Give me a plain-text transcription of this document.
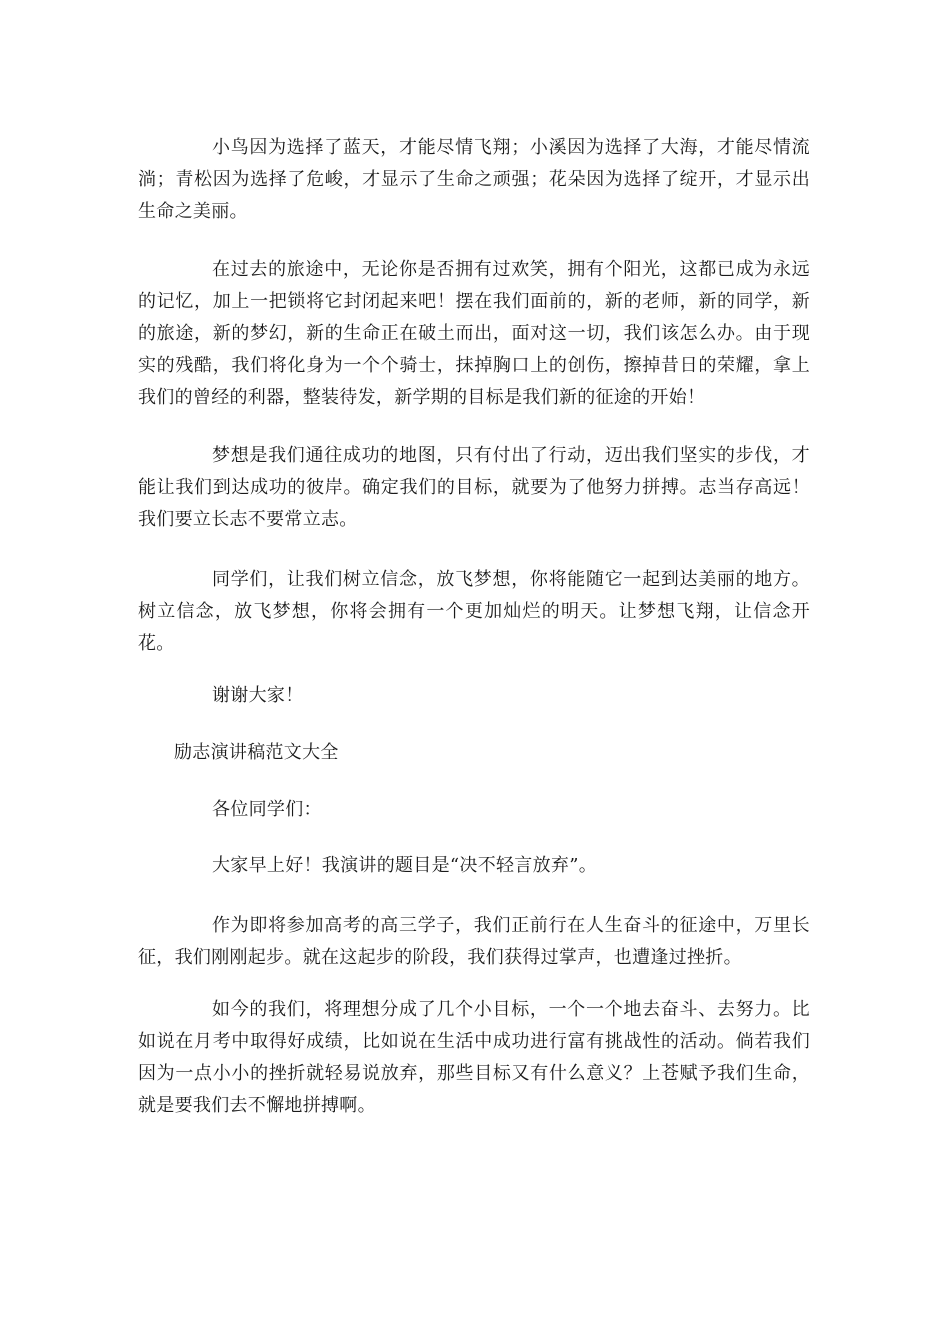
小鸟因为选择了蓝天，才能尽情飞翔；小溪因为选择了大海，才能尽情流淌；青松因为选择了危峻，才显示了生命之顽强；花朵因为选择了绽开，才显示出生命之美丽。

在过去的旅途中，无论你是否拥有过欢笑，拥有个阳光，这都已成为永远的记忆，加上一把锁将它封闭起来吧！摆在我们面前的，新的老师，新的同学，新的旅途，新的梦幻，新的生命正在破土而出，面对这一切，我们该怎么办。由于现实的残酷，我们将化身为一个个骑士，抹掉胸口上的创伤，擦掉昔日的荣耀，拿上我们的曾经的利器，整装待发，新学期的目标是我们新的征途的开始！

梦想是我们通往成功的地图，只有付出了行动，迈出我们坚实的步伐，才能让我们到达成功的彼岸。确定我们的目标，就要为了他努力拼搏。志当存高远！我们要立长志不要常立志。

同学们，让我们树立信念，放飞梦想，你将能随它一起到达美丽的地方。树立信念，放飞梦想，你将会拥有一个更加灿烂的明天。让梦想飞翔，让信念开花。

谢谢大家！

励志演讲稿范文大全

各位同学们：

大家早上好！我演讲的题目是“决不轻言放弃”。

作为即将参加高考的高三学子，我们正前行在人生奋斗的征途中，万里长征，我们刚刚起步。就在这起步的阶段，我们获得过掌声，也遭逢过挫折。

如今的我们，将理想分成了几个小目标，一个一个地去奋斗、去努力。比如说在月考中取得好成绩，比如说在生活中成功进行富有挑战性的活动。倘若我们因为一点小小的挫折就轻易说放弃，那些目标又有什么意义？上苍赋予我们生命，就是要我们去不懈地拼搏啊。
